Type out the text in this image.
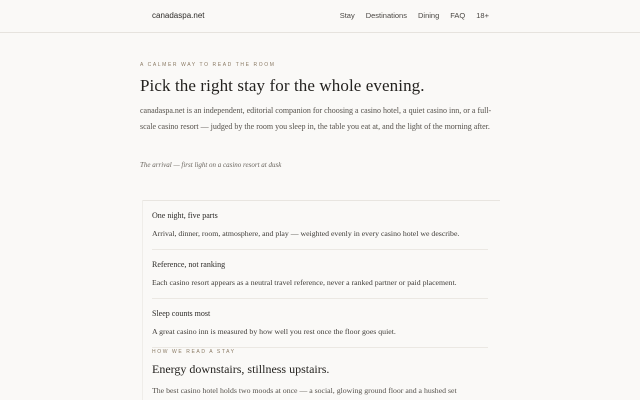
canadaspa.net	Stay Destinations Dining FAQ 18+
A CALMER WAY TO READ THE ROOM
Pick the right stay for the whole evening.

canadaspa.net is an independent, editorial companion for choosing a casino hotel, a quiet casino inn, or a full-scale casino resort — judged by the room you sleep in, the table you eat at, and the light of the morning after.

The arrival — first light on a casino resort at dusk

One night, five parts
Arrival, dinner, room, atmosphere, and play — weighted evenly in every casino hotel we describe.
Reference, not ranking
Each casino resort appears as a neutral travel reference, never a ranked partner or paid placement.
Sleep counts most
A great casino inn is measured by how well you rest once the floor goes quiet.
HOW WE READ A STAY
Energy downstairs, stillness upstairs.

The best casino hotel holds two moods at once — a social, glowing ground floor and a hushed set
